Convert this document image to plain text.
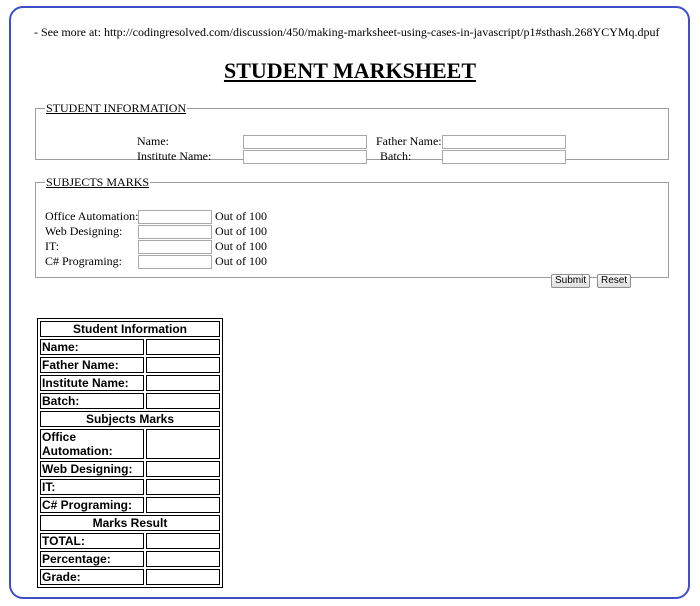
- See more at: http://codingresolved.com/discussion/450/making-marksheet-using-cases-in-javascript/p1#sthash.268YCYMq.dpuf
STUDENT MARKSHEET
STUDENT INFORMATION
Name:	Father Name:
Institute Name:	Batch:
SUBJECTS MARKS
Office Automation:	Out of 100
Web Designing:	Out of 100
IT:	Out of 100
C# Programing:	Out of 100
Submit	Reset
Student Information	
Name:	
Father Name:	
Institute Name:	
Batch:	
Subjects Marks	
Office Automation:	
Web Designing:	
IT:	
C# Programing:	
Marks Result	
TOTAL:	
Percentage:	
Grade:	
